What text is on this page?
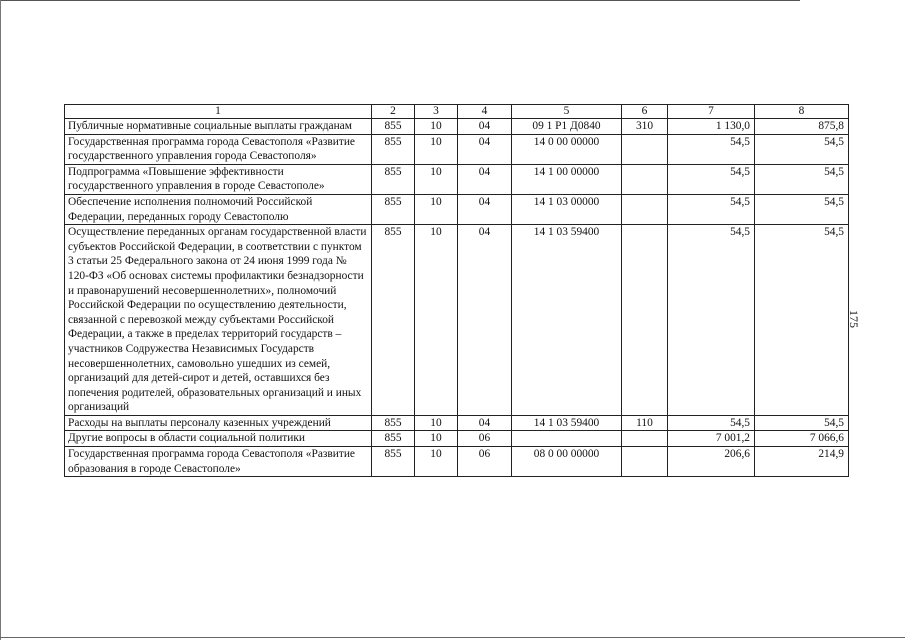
1	2	3	4	5	6	7	8
Публичные нормативные социальные выплаты гражданам	855	10	04	09 1 P1 Д0840	310	1 130,0	875,8
Государственная программа города Севастополя «Развитие государственного управления города Севастополя»	855	10	04	14 0 00 00000		54,5	54,5
Подпрограмма «Повышение эффективности государственного управления в городе Севастополе»	855	10	04	14 1 00 00000		54,5	54,5
Обеспечение исполнения полномочий Российской Федерации, переданных городу Севастополю	855	10	04	14 1 03 00000		54,5	54,5
Осуществление переданных органам государственной власти субъектов Российской Федерации, в соответствии с пунктом 3 статьи 25 Федерального закона от 24 июня 1999 года № 120-ФЗ «Об основах системы профилактики безнадзорности и правонарушений несовершеннолетних», полномочий Российской Федерации по осуществлению деятельности, связанной с перевозкой между субъектами Российской Федерации, а также в пределах территорий государств – участников Содружества Независимых Государств несовершеннолетних, самовольно ушедших из семей, организаций для детей-сирот и детей, оставшихся без попечения родителей, образовательных организаций и иных организаций	855	10	04	14 1 03 59400		54,5	54,5
Расходы на выплаты персоналу казенных учреждений	855	10	04	14 1 03 59400	110	54,5	54,5
Другие вопросы в области социальной политики	855	10	06			7 001,2	7 066,6
Государственная программа города Севастополя «Развитие образования в городе Севастополе»	855	10	06	08 0 00 00000		206,6	214,9
175
